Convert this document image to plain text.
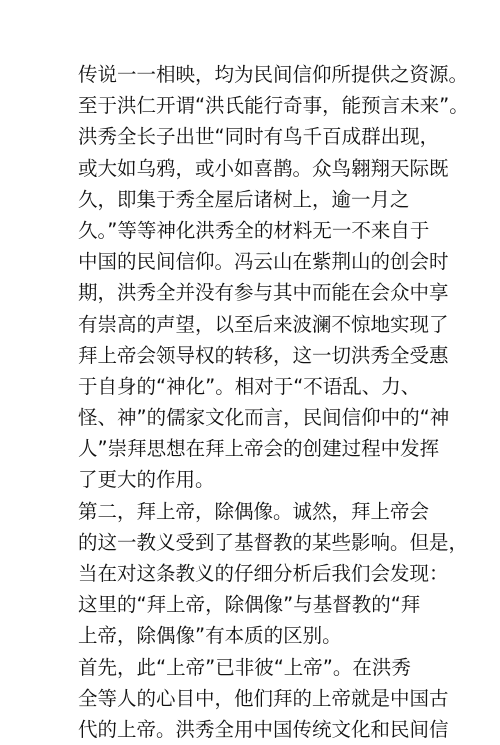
传说一一相映，均为民间信仰所提供之资源。
至于洪仁开谓“洪氏能行奇事，能预言未来”。
洪秀全长子出世“同时有鸟千百成群出现，
或大如乌鸦，或小如喜鹊。众鸟翱翔天际既
久，即集于秀全屋后诸树上，逾一月之
久。”等等神化洪秀全的材料无一不来自于
中国的民间信仰。冯云山在紫荆山的创会时
期，洪秀全并没有参与其中而能在会众中享
有崇高的声望，以至后来波澜不惊地实现了
拜上帝会领导权的转移，这一切洪秀全受惠
于自身的“神化”。相对于“不语乱、力、
怪、神”的儒家文化而言，民间信仰中的“神
人”崇拜思想在拜上帝会的创建过程中发挥
了更大的作用。
第二，拜上帝，除偶像。诚然，拜上帝会
的这一教义受到了基督教的某些影响。但是，
当在对这条教义的仔细分析后我们会发现：
这里的“拜上帝，除偶像”与基督教的“拜
上帝，除偶像”有本质的区别。
首先，此“上帝”已非彼“上帝”。在洪秀
全等人的心目中，他们拜的上帝就是中国古
代的上帝。洪秀全用中国传统文化和民间信
